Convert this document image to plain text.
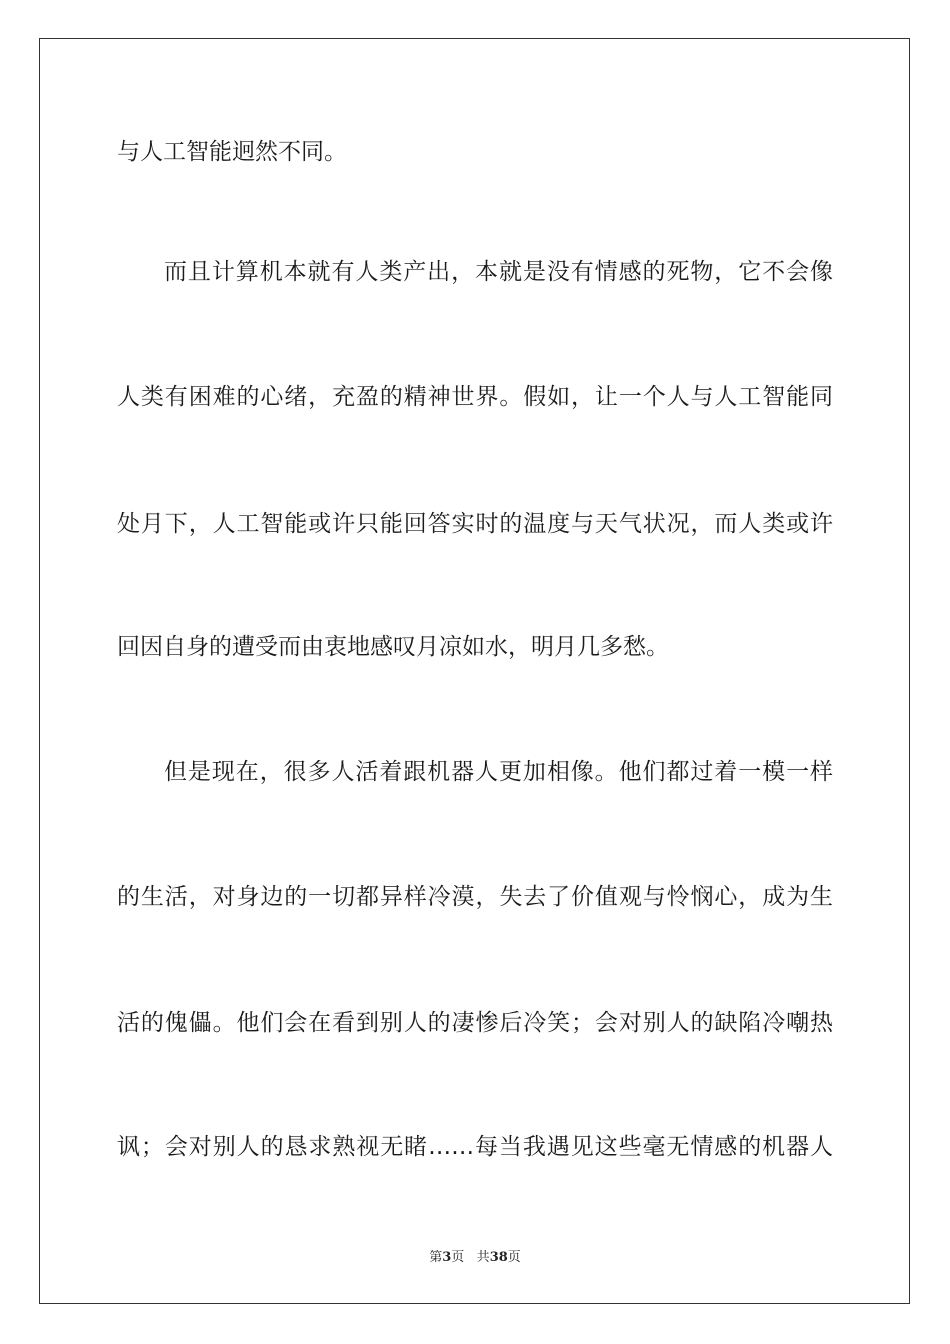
与人工智能迥然不同。
而且计算机本就有人类产出，本就是没有情感的死物，它不会像
人类有困难的心绪，充盈的精神世界。假如，让一个人与人工智能同
处月下，人工智能或许只能回答实时的温度与天气状况，而人类或许
回因自身的遭受而由衷地感叹月凉如水，明月几多愁。
但是现在，很多人活着跟机器人更加相像。他们都过着一模一样
的生活，对身边的一切都异样冷漠，失去了价值观与怜悯心，成为生
活的傀儡。他们会在看到别人的凄惨后冷笑；会对别人的缺陷冷嘲热
讽；会对别人的恳求熟视无睹……每当我遇见这些毫无情感的机器人
第3页 共38页
